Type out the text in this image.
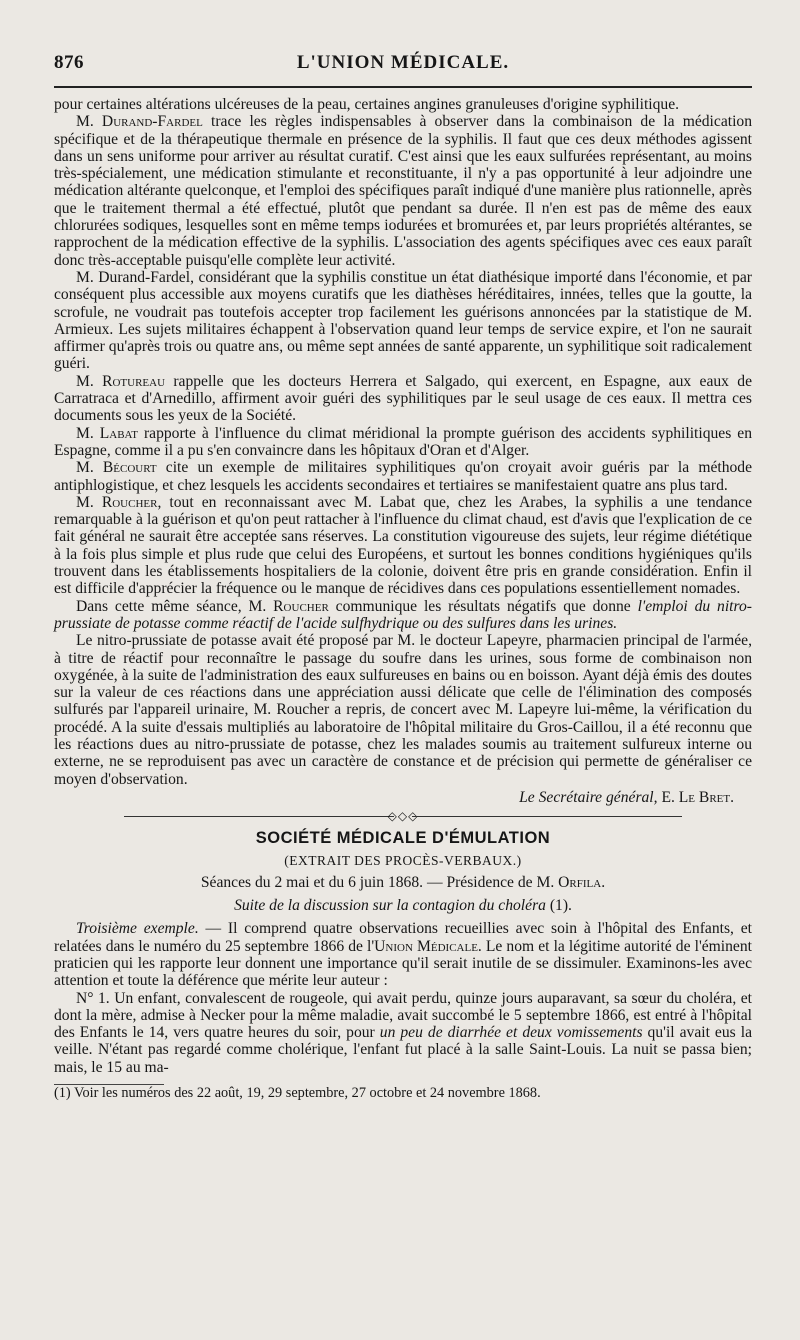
876	L'UNION MÉDICALE.

pour certaines altérations ulcéreuses de la peau, certaines angines granuleuses d'origine syphilitique.

M. Durand-Fardel trace les règles indispensables à observer dans la combinaison de la médication spécifique et de la thérapeutique thermale en présence de la syphilis. Il faut que ces deux méthodes agissent dans un sens uniforme pour arriver au résultat curatif. C'est ainsi que les eaux sulfurées représentant, au moins très-spécialement, une médication stimulante et reconstituante, il n'y a pas opportunité à leur adjoindre une médication altérante quelconque, et l'emploi des spécifiques paraît indiqué d'une manière plus rationnelle, après que le traitement thermal a été effectué, plutôt que pendant sa durée. Il n'en est pas de même des eaux chlorurées sodiques, lesquelles sont en même temps iodurées et bromurées et, par leurs propriétés altérantes, se rapprochent de la médication effective de la syphilis. L'association des agents spécifiques avec ces eaux paraît donc très-acceptable puisqu'elle complète leur activité.

M. Durand-Fardel, considérant que la syphilis constitue un état diathésique importé dans l'économie, et par conséquent plus accessible aux moyens curatifs que les diathèses héréditaires, innées, telles que la goutte, la scrofule, ne voudrait pas toutefois accepter trop facilement les guérisons annoncées par la statistique de M. Armieux. Les sujets militaires échappent à l'observation quand leur temps de service expire, et l'on ne saurait affirmer qu'après trois ou quatre ans, ou même sept années de santé apparente, un syphilitique soit radicalement guéri.

M. Rotureau rappelle que les docteurs Herrera et Salgado, qui exercent, en Espagne, aux eaux de Carratraca et d'Arnedillo, affirment avoir guéri des syphilitiques par le seul usage de ces eaux. Il mettra ces documents sous les yeux de la Société.

M. Labat rapporte à l'influence du climat méridional la prompte guérison des accidents syphilitiques en Espagne, comme il a pu s'en convaincre dans les hôpitaux d'Oran et d'Alger.

M. Bécourt cite un exemple de militaires syphilitiques qu'on croyait avoir guéris par la méthode antiphlogistique, et chez lesquels les accidents secondaires et tertiaires se manifestaient quatre ans plus tard.

M. Roucher, tout en reconnaissant avec M. Labat que, chez les Arabes, la syphilis a une tendance remarquable à la guérison et qu'on peut rattacher à l'influence du climat chaud, est d'avis que l'explication de ce fait général ne saurait être acceptée sans réserves. La constitution vigoureuse des sujets, leur régime diététique à la fois plus simple et plus rude que celui des Européens, et surtout les bonnes conditions hygiéniques qu'ils trouvent dans les établissements hospitaliers de la colonie, doivent être pris en grande considération. Enfin il est difficile d'apprécier la fréquence ou le manque de récidives dans ces populations essentiellement nomades.

Dans cette même séance, M. Roucher communique les résultats négatifs que donne l'emploi du nitro-prussiate de potasse comme réactif de l'acide sulfhydrique ou des sulfures dans les urines.

Le nitro-prussiate de potasse avait été proposé par M. le docteur Lapeyre, pharmacien principal de l'armée, à titre de réactif pour reconnaître le passage du soufre dans les urines, sous forme de combinaison non oxygénée, à la suite de l'administration des eaux sulfureuses en bains ou en boisson. Ayant déjà émis des doutes sur la valeur de ces réactions dans une appréciation aussi délicate que celle de l'élimination des composés sulfurés par l'appareil urinaire, M. Roucher a repris, de concert avec M. Lapeyre lui-même, la vérification du procédé. A la suite d'essais multipliés au laboratoire de l'hôpital militaire du Gros-Caillou, il a été reconnu que les réactions dues au nitro-prussiate de potasse, chez les malades soumis au traitement sulfureux interne ou externe, ne se reproduisent pas avec un caractère de constance et de précision qui permette de généraliser ce moyen d'observation.

Le Secrétaire général, E. Le Bret.
◇◇◇
SOCIÉTÉ MÉDICALE D'ÉMULATION
(EXTRAIT DES PROCÈS-VERBAUX.)
Séances du 2 mai et du 6 juin 1868. — Présidence de M. Orfila.
Suite de la discussion sur la contagion du choléra (1).

Troisième exemple. — Il comprend quatre observations recueillies avec soin à l'hôpital des Enfants, et relatées dans le numéro du 25 septembre 1866 de l'Union Médicale. Le nom et la légitime autorité de l'éminent praticien qui les rapporte leur donnent une importance qu'il serait inutile de se dissimuler. Examinons-les avec attention et toute la déférence que mérite leur auteur :

N° 1. Un enfant, convalescent de rougeole, qui avait perdu, quinze jours auparavant, sa sœur du choléra, et dont la mère, admise à Necker pour la même maladie, avait succombé le 5 septembre 1866, est entré à l'hôpital des Enfants le 14, vers quatre heures du soir, pour un peu de diarrhée et deux vomissements qu'il avait eus la veille. N'étant pas regardé comme cholérique, l'enfant fut placé à la salle Saint-Louis. La nuit se passa bien; mais, le 15 au ma-

(1) Voir les numéros des 22 août, 19, 29 septembre, 27 octobre et 24 novembre 1868.
